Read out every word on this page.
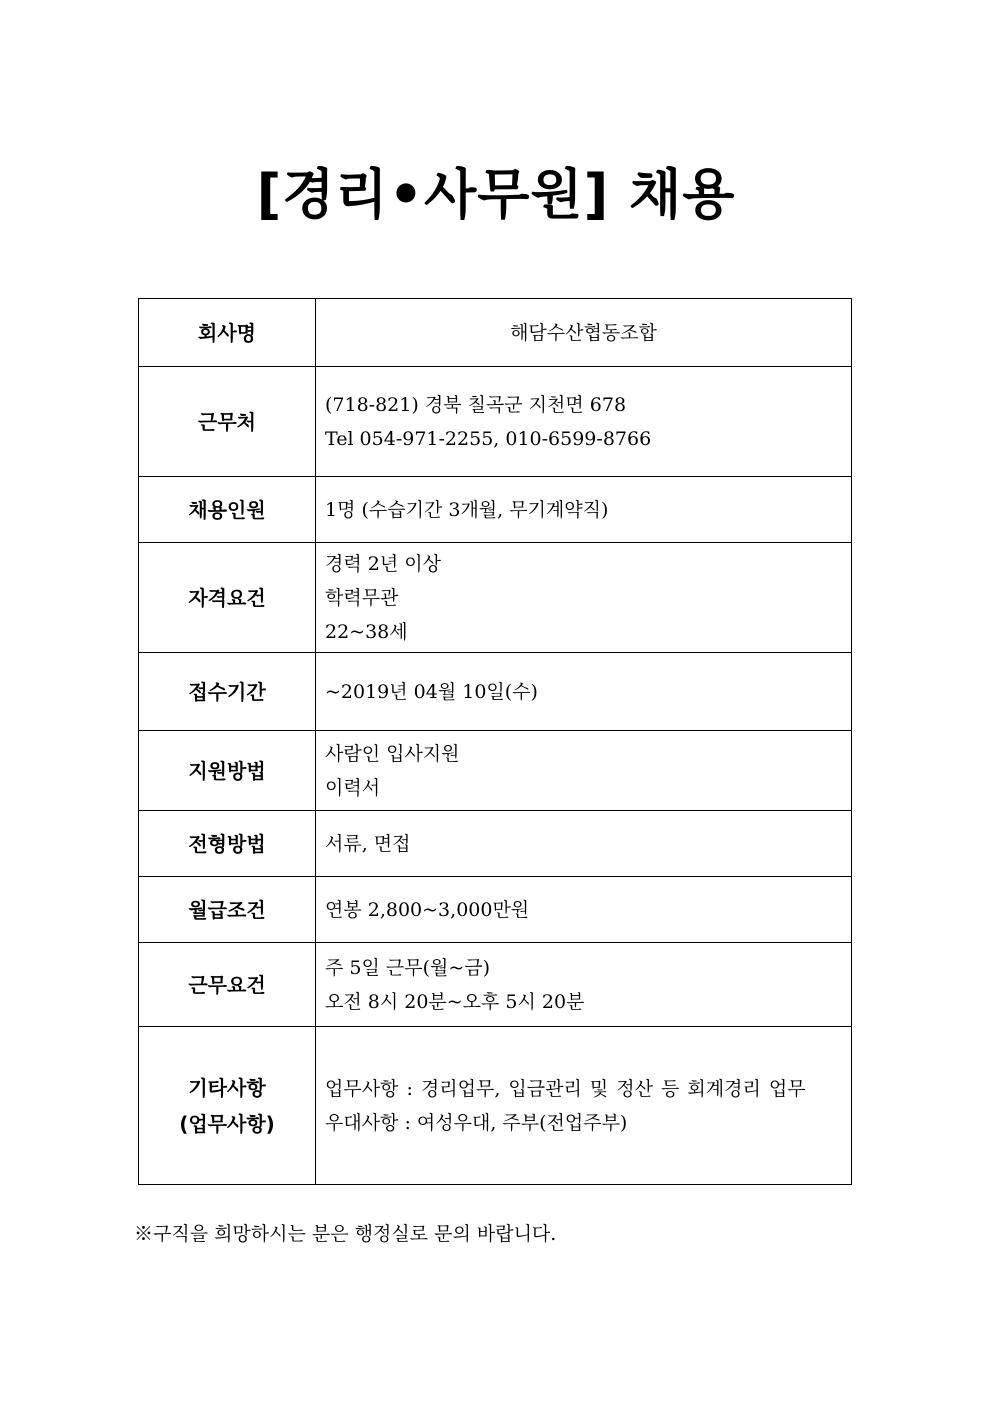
[경리•사무원] 채용
회사명	해담수산협동조합

근무처	(718-821) 경북 칠곡군 지천면 678
Tel 054-971-2255, 010-6599-8766

채용인원	1명 (수습기간 3개월, 무기계약직)

자격요건	경력 2년 이상
학력무관
22~38세

접수기간	~2019년 04월 10일(수)

지원방법	사람인 입사지원
이력서

전형방법	서류, 면접

월급조건	연봉 2,800~3,000만원

근무요건	주 5일 근무(월~금)
오전 8시 20분~오후 5시 20분

기타사항
(업무사항)	업무사항 : 경리업무, 입금관리 및 정산 등 회계경리 업무
우대사항 : 여성우대, 주부(전업주부)
※구직을 희망하시는 분은 행정실로 문의 바랍니다.
